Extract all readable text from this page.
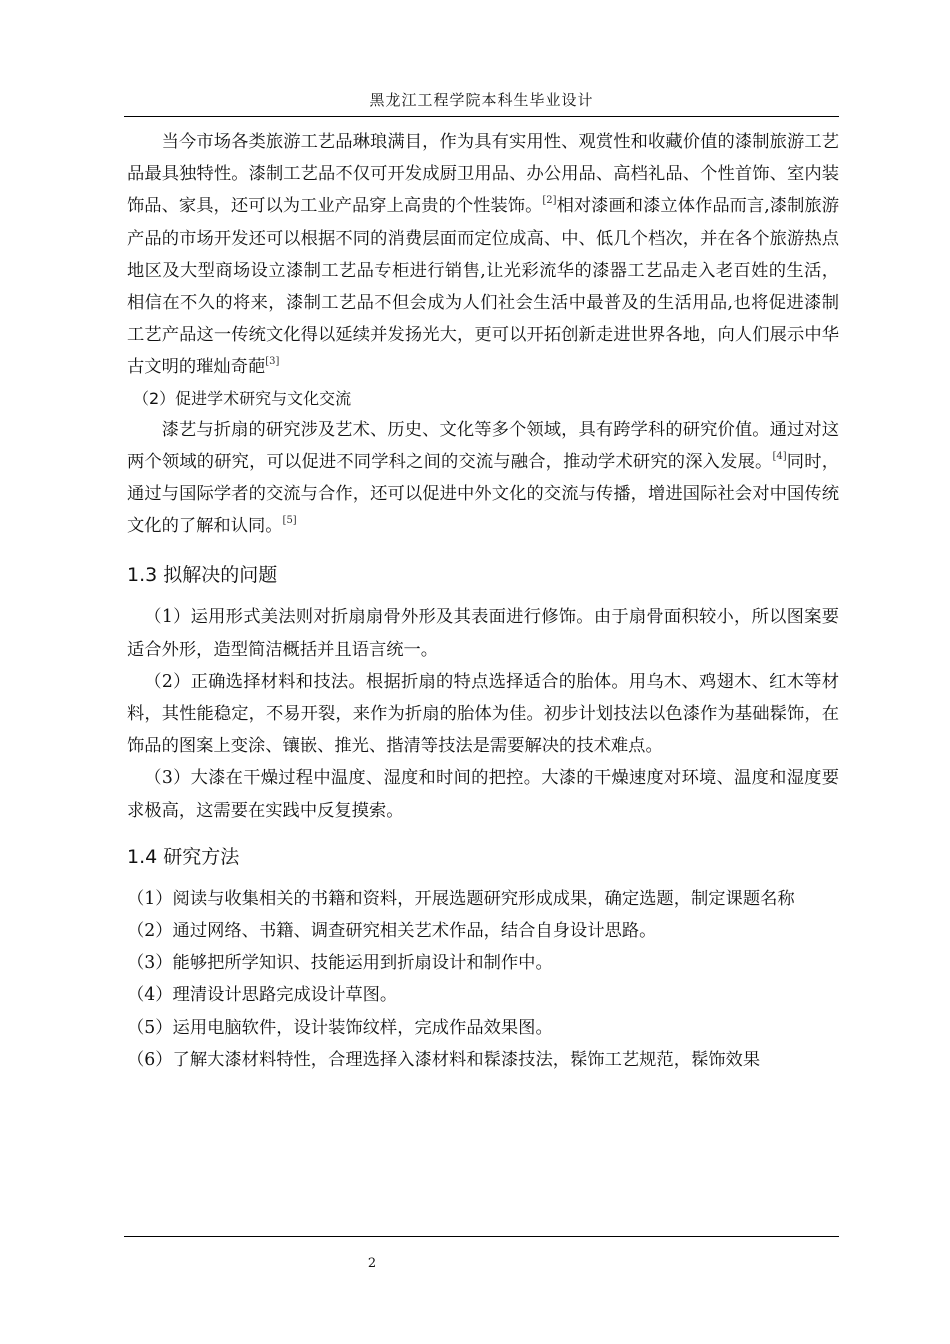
黑龙江工程学院本科生毕业设计

当今市场各类旅游工艺品琳琅满目，作为具有实用性、观赏性和收藏价值的漆制旅游工艺品最具独特性。漆制工艺品不仅可开发成厨卫用品、办公用品、高档礼品、个性首饰、室内装饰品、家具，还可以为工业产品穿上高贵的个性装饰。[2]相对漆画和漆立体作品而言,漆制旅游产品的市场开发还可以根据不同的消费层面而定位成高、中、低几个档次，并在各个旅游热点地区及大型商场设立漆制工艺品专柜进行销售,让光彩流华的漆器工艺品走入老百姓的生活，相信在不久的将来，漆制工艺品不但会成为人们社会生活中最普及的生活用品,也将促进漆制工艺产品这一传统文化得以延续并发扬光大，更可以开拓创新走进世界各地，向人们展示中华古文明的璀灿奇葩[3]

（2）促进学术研究与文化交流

漆艺与折扇的研究涉及艺术、历史、文化等多个领域，具有跨学科的研究价值。通过对这两个领域的研究，可以促进不同学科之间的交流与融合，推动学术研究的深入发展。[4]同时，通过与国际学者的交流与合作，还可以促进中外文化的交流与传播，增进国际社会对中国传统文化的了解和认同。[5]

1.3 拟解决的问题

（1）运用形式美法则对折扇扇骨外形及其表面进行修饰。由于扇骨面积较小，所以图案要适合外形，造型简洁概括并且语言统一。

（2）正确选择材料和技法。根据折扇的特点选择适合的胎体。用乌木、鸡翅木、红木等材料，其性能稳定，不易开裂，来作为折扇的胎体为佳。初步计划技法以色漆作为基础髹饰，在饰品的图案上变涂、镶嵌、推光、揩清等技法是需要解决的技术难点。

（3）大漆在干燥过程中温度、湿度和时间的把控。大漆的干燥速度对环境、温度和湿度要求极高，这需要在实践中反复摸索。

1.4 研究方法

（1）阅读与收集相关的书籍和资料，开展选题研究形成成果，确定选题，制定课题名称

（2）通过网络、书籍、调查研究相关艺术作品，结合自身设计思路。

（3）能够把所学知识、技能运用到折扇设计和制作中。

（4）理清设计思路完成设计草图。

（5）运用电脑软件，设计装饰纹样，完成作品效果图。

（6）了解大漆材料特性，合理选择入漆材料和髹漆技法，髹饰工艺规范，髹饰效果

2
